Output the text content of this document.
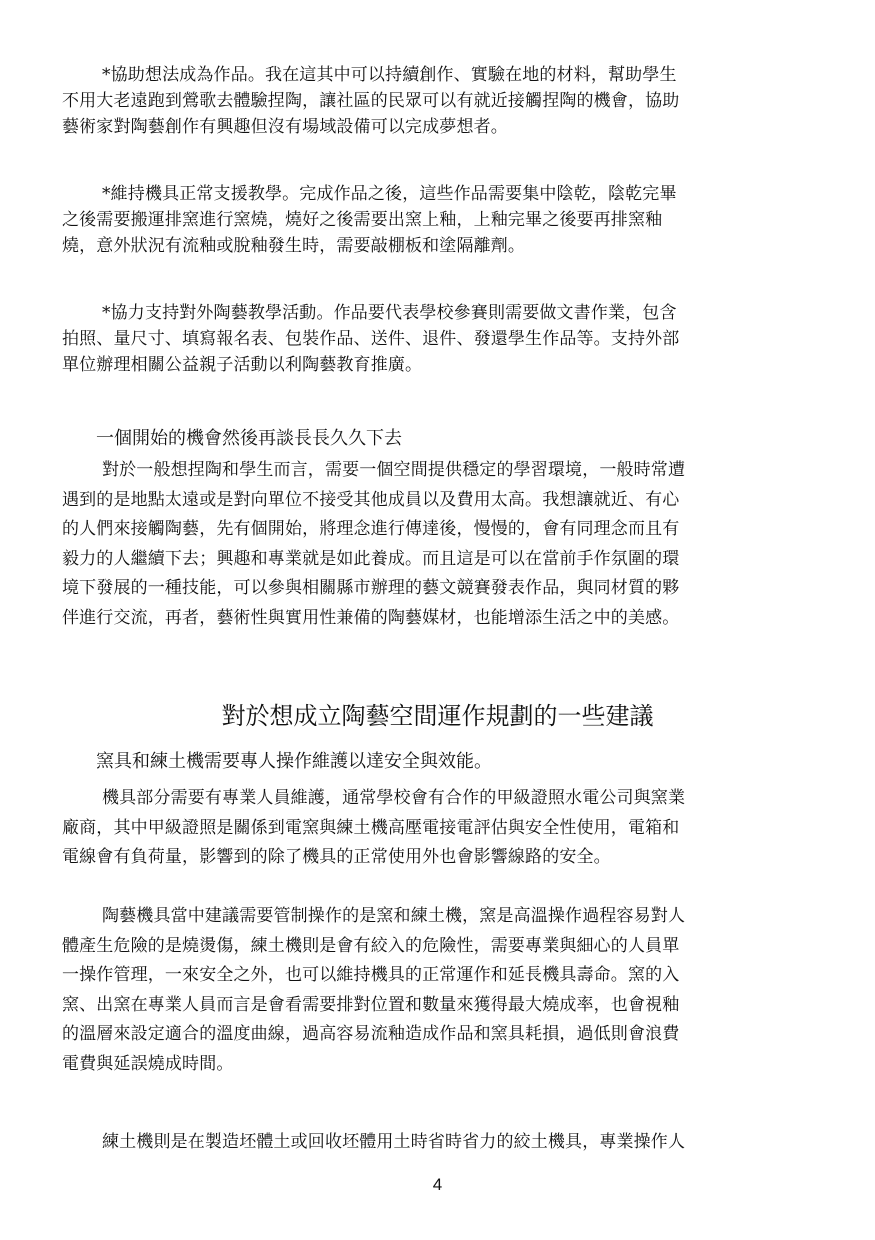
*協助想法成為作品。我在這其中可以持續創作、實驗在地的材料，幫助學生
不用大老遠跑到鶯歌去體驗捏陶，讓社區的民眾可以有就近接觸捏陶的機會，協助
藝術家對陶藝創作有興趣但沒有場域設備可以完成夢想者。
*維持機具正常支援教學。完成作品之後，這些作品需要集中陰乾，陰乾完畢
之後需要搬運排窯進行窯燒，燒好之後需要出窯上釉，上釉完畢之後要再排窯釉
燒，意外狀況有流釉或脫釉發生時，需要敲棚板和塗隔離劑。
*協力支持對外陶藝教學活動。作品要代表學校參賽則需要做文書作業，包含
拍照、量尺寸、填寫報名表、包裝作品、送件、退件、發還學生作品等。支持外部
單位辦理相關公益親子活動以利陶藝教育推廣。
一個開始的機會然後再談長長久久下去
對於一般想捏陶和學生而言，需要一個空間提供穩定的學習環境，一般時常遭
遇到的是地點太遠或是對向單位不接受其他成員以及費用太高。我想讓就近、有心
的人們來接觸陶藝，先有個開始，將理念進行傳達後，慢慢的，會有同理念而且有
毅力的人繼續下去；興趣和專業就是如此養成。而且這是可以在當前手作氛圍的環
境下發展的一種技能，可以參與相關縣市辦理的藝文競賽發表作品，與同材質的夥
伴進行交流，再者，藝術性與實用性兼備的陶藝媒材，也能增添生活之中的美感。
對於想成立陶藝空間運作規劃的一些建議
窯具和練土機需要專人操作維護以達安全與效能。
機具部分需要有專業人員維護，通常學校會有合作的甲級證照水電公司與窯業
廠商，其中甲級證照是關係到電窯與練土機高壓電接電評估與安全性使用，電箱和
電線會有負荷量，影響到的除了機具的正常使用外也會影響線路的安全。
陶藝機具當中建議需要管制操作的是窯和練土機，窯是高溫操作過程容易對人
體產生危險的是燒燙傷，練土機則是會有絞入的危險性，需要專業與細心的人員單
一操作管理，一來安全之外，也可以維持機具的正常運作和延長機具壽命。窯的入
窯、出窯在專業人員而言是會看需要排對位置和數量來獲得最大燒成率，也會視釉
的溫層來設定適合的溫度曲線，過高容易流釉造成作品和窯具耗損，過低則會浪費
電費與延誤燒成時間。
練土機則是在製造坯體土或回收坯體用土時省時省力的絞土機具，專業操作人
4
